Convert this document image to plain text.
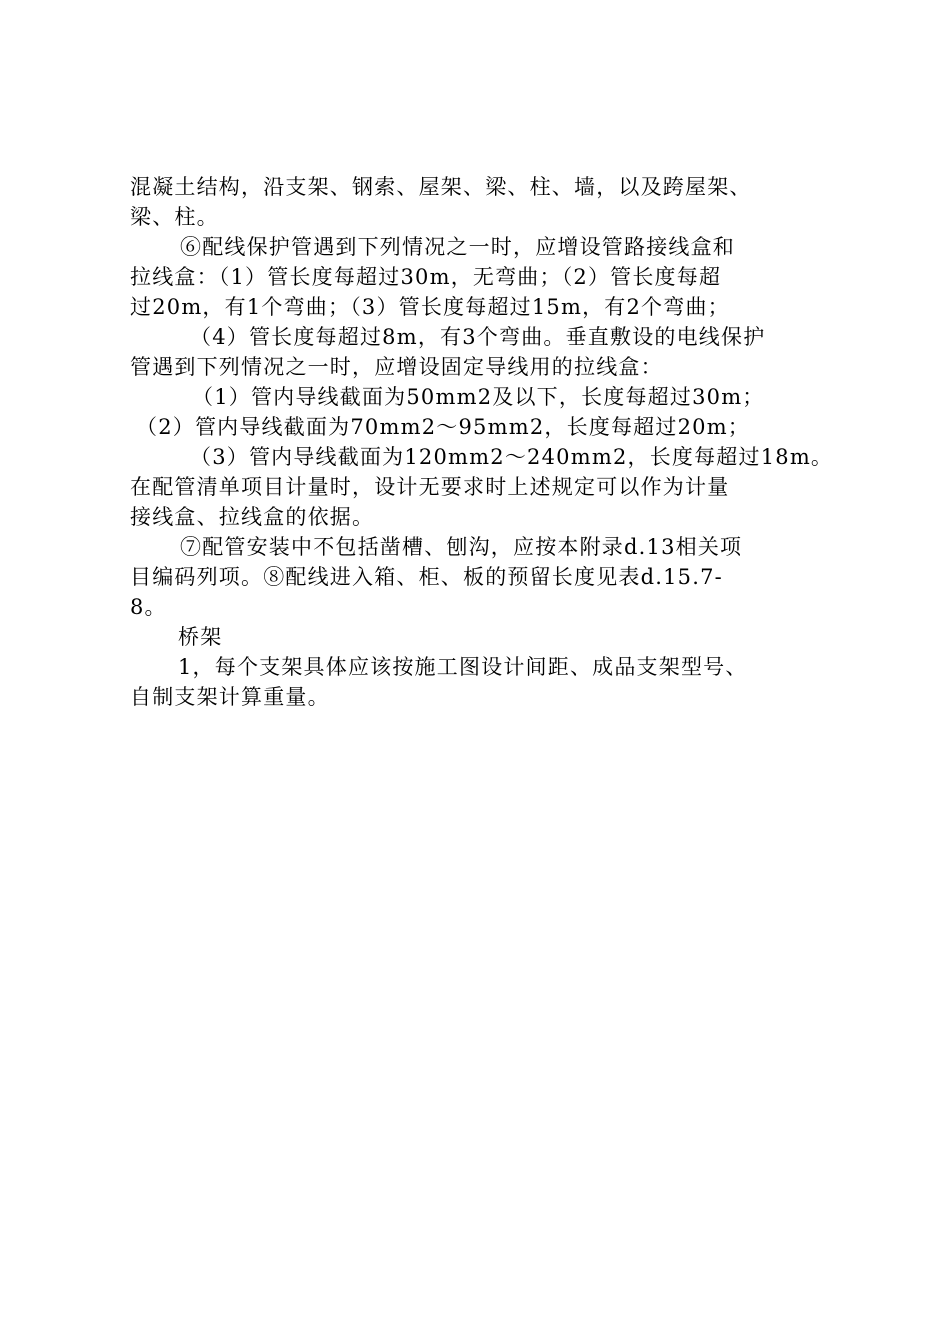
混凝土结构，沿支架、钢索、屋架、梁、柱、墙，以及跨屋架、
梁、柱。
⑥配线保护管遇到下列情况之一时，应增设管路接线盒和
拉线盒：（1）管长度每超过30m，无弯曲；（2）管长度每超
过20m，有1个弯曲；（3）管长度每超过15m，有2个弯曲；
（4）管长度每超过8m，有3个弯曲。垂直敷设的电线保护
管遇到下列情况之一时，应增设固定导线用的拉线盒：
（1）管内导线截面为50mm2及以下，长度每超过30m；
（2）管内导线截面为70mm2～95mm2，长度每超过20m；
（3）管内导线截面为120mm2～240mm2，长度每超过18m。
在配管清单项目计量时，设计无要求时上述规定可以作为计量
接线盒、拉线盒的依据。
⑦配管安装中不包括凿槽、刨沟，应按本附录d.13相关项
目编码列项。⑧配线进入箱、柜、板的预留长度见表d.15.7-
8。
桥架
1，每个支架具体应该按施工图设计间距、成品支架型号、
自制支架计算重量。
